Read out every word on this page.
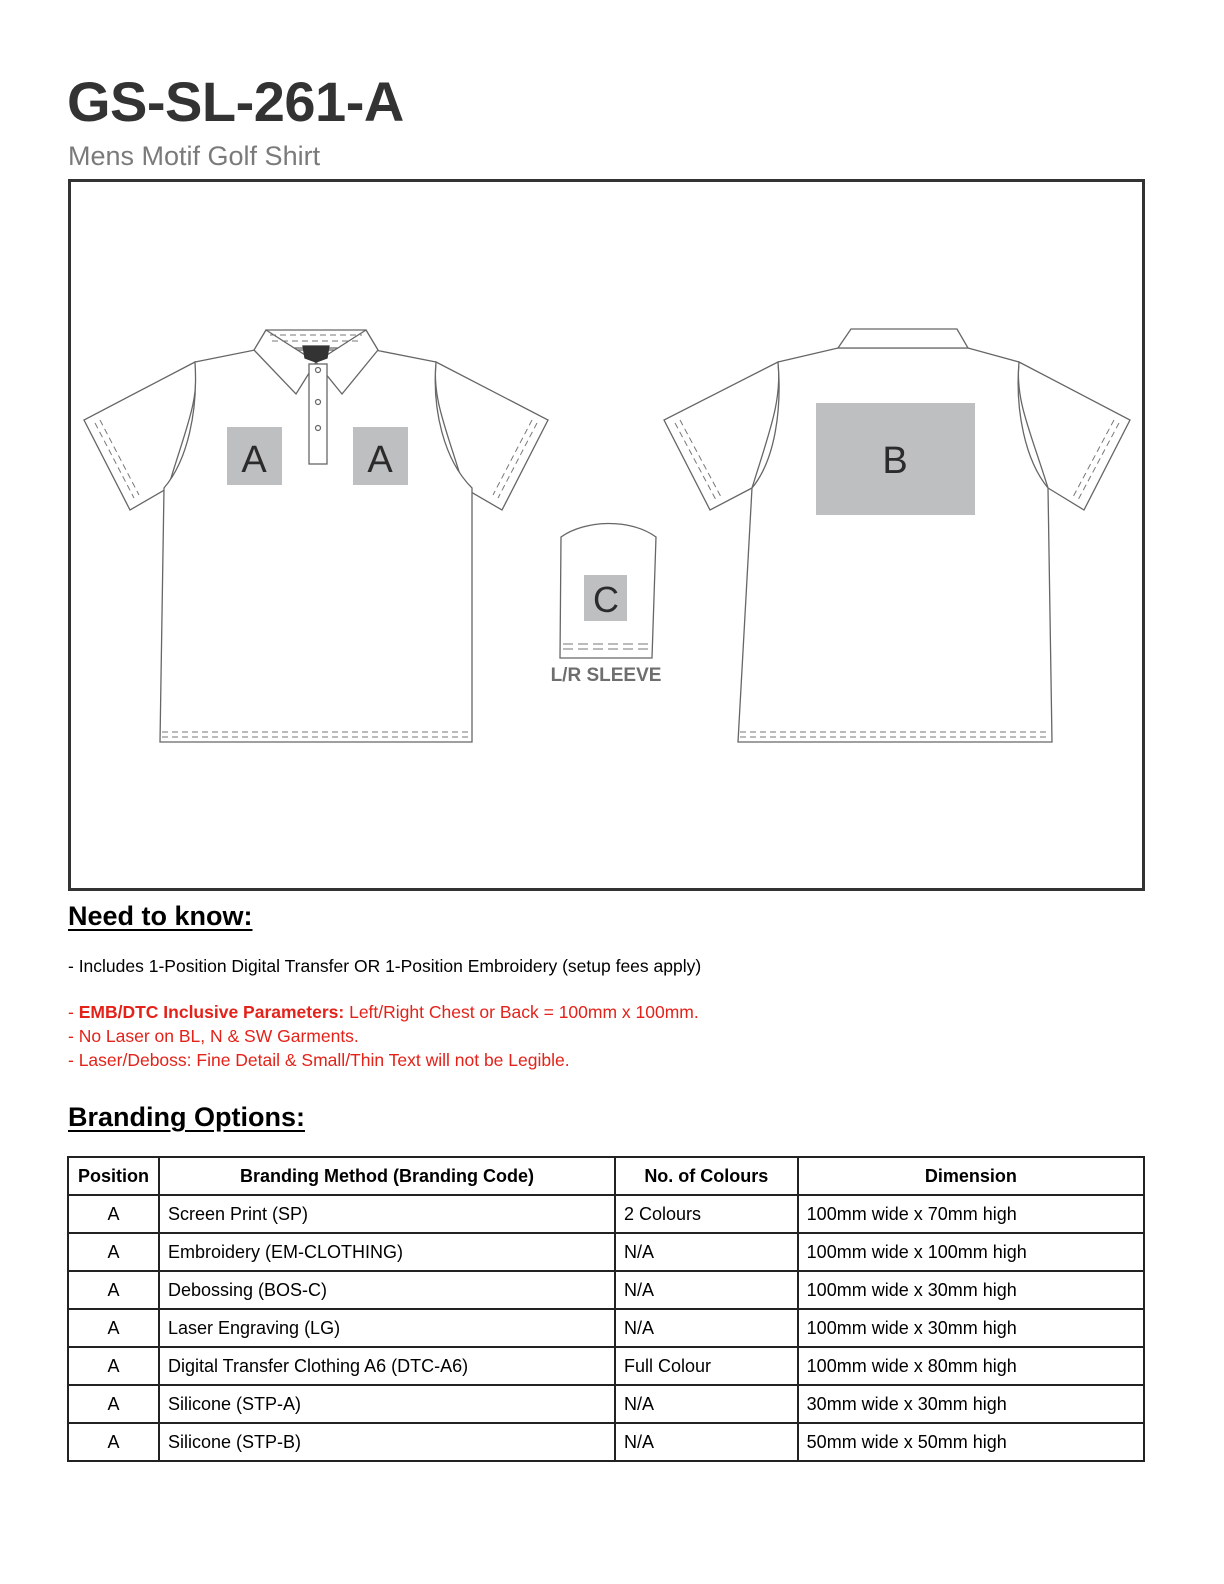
GS-SL-261-A
Mens Motif Golf Shirt
A	A	B
C
L/R SLEEVE
Need to know:
- Includes 1-Position Digital Transfer OR 1-Position Embroidery (setup fees apply)
- EMB/DTC Inclusive Parameters: Left/Right Chest or Back = 100mm x 100mm.
- No Laser on BL, N & SW Garments.
- Laser/Deboss: Fine Detail & Small/Thin Text will not be Legible.
Branding Options:
Position	Branding Method (Branding Code)	No. of Colours	Dimension
A	Screen Print (SP)	2 Colours	100mm wide x 70mm high
A	Embroidery (EM-CLOTHING)	N/A	100mm wide x 100mm high
A	Debossing (BOS-C)	N/A	100mm wide x 30mm high
A	Laser Engraving (LG)	N/A	100mm wide x 30mm high
A	Digital Transfer Clothing A6 (DTC-A6)	Full Colour	100mm wide x 80mm high
A	Silicone (STP-A)	N/A	30mm wide x 30mm high
A	Silicone (STP-B)	N/A	50mm wide x 50mm high
